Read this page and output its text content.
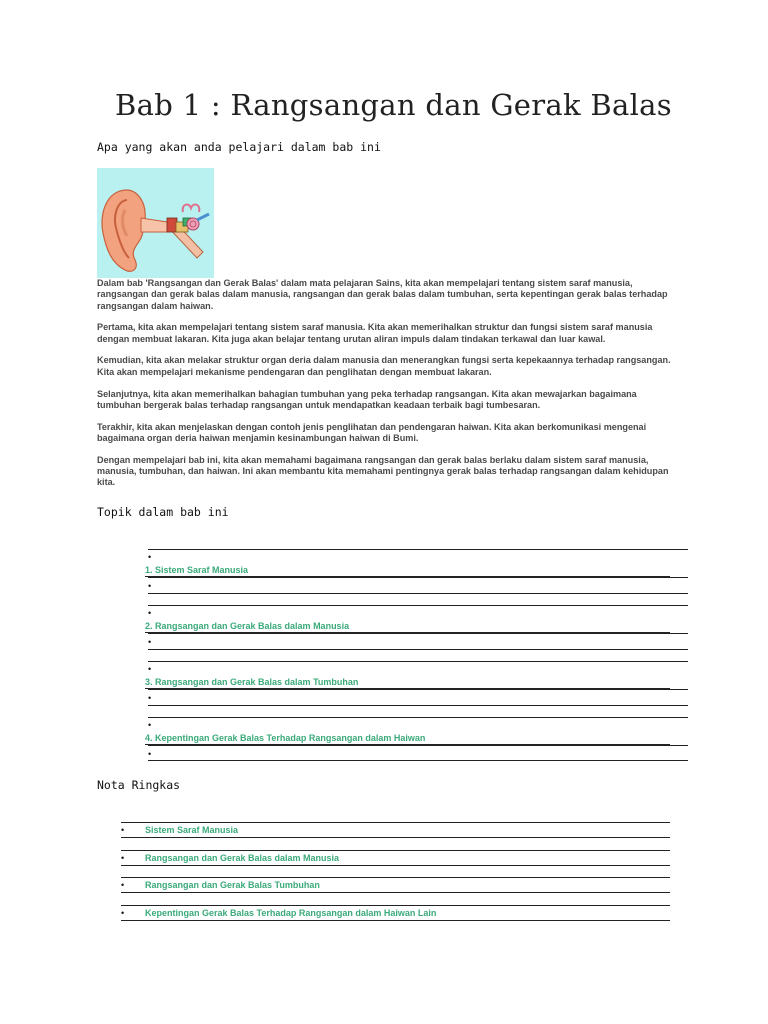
Bab 1 : Rangsangan dan Gerak Balas
Apa yang akan anda pelajari dalam bab ini

Dalam bab 'Rangsangan dan Gerak Balas' dalam mata pelajaran Sains, kita akan mempelajari tentang sistem saraf manusia, rangsangan dan gerak balas dalam manusia, rangsangan dan gerak balas dalam tumbuhan, serta kepentingan gerak balas terhadap rangsangan dalam haiwan.

Pertama, kita akan mempelajari tentang sistem saraf manusia. Kita akan memerihalkan struktur dan fungsi sistem saraf manusia dengan membuat lakaran. Kita juga akan belajar tentang urutan aliran impuls dalam tindakan terkawal dan luar kawal.

Kemudian, kita akan melakar struktur organ deria dalam manusia dan menerangkan fungsi serta kepekaannya terhadap rangsangan. Kita akan mempelajari mekanisme pendengaran dan penglihatan dengan membuat lakaran.

Selanjutnya, kita akan memerihalkan bahagian tumbuhan yang peka terhadap rangsangan. Kita akan mewajarkan bagaimana tumbuhan bergerak balas terhadap rangsangan untuk mendapatkan keadaan terbaik bagi tumbesaran.

Terakhir, kita akan menjelaskan dengan contoh jenis penglihatan dan pendengaran haiwan. Kita akan berkomunikasi mengenai bagaimana organ deria haiwan menjamin kesinambungan haiwan di Bumi.

Dengan mempelajari bab ini, kita akan memahami bagaimana rangsangan dan gerak balas berlaku dalam sistem saraf manusia, manusia, tumbuhan, dan haiwan. Ini akan membantu kita memahami pentingnya gerak balas terhadap rangsangan dalam kehidupan kita.

Topik dalam bab ini
•
1. Sistem Saraf Manusia
•
•
2. Rangsangan dan Gerak Balas dalam Manusia
•
•
3. Rangsangan dan Gerak Balas dalam Tumbuhan
•
•
4. Kepentingan Gerak Balas Terhadap Rangsangan dalam Haiwan
•
Nota Ringkas
• Sistem Saraf Manusia
• Rangsangan dan Gerak Balas dalam Manusia
• Rangsangan dan Gerak Balas Tumbuhan
• Kepentingan Gerak Balas Terhadap Rangsangan dalam Haiwan Lain
